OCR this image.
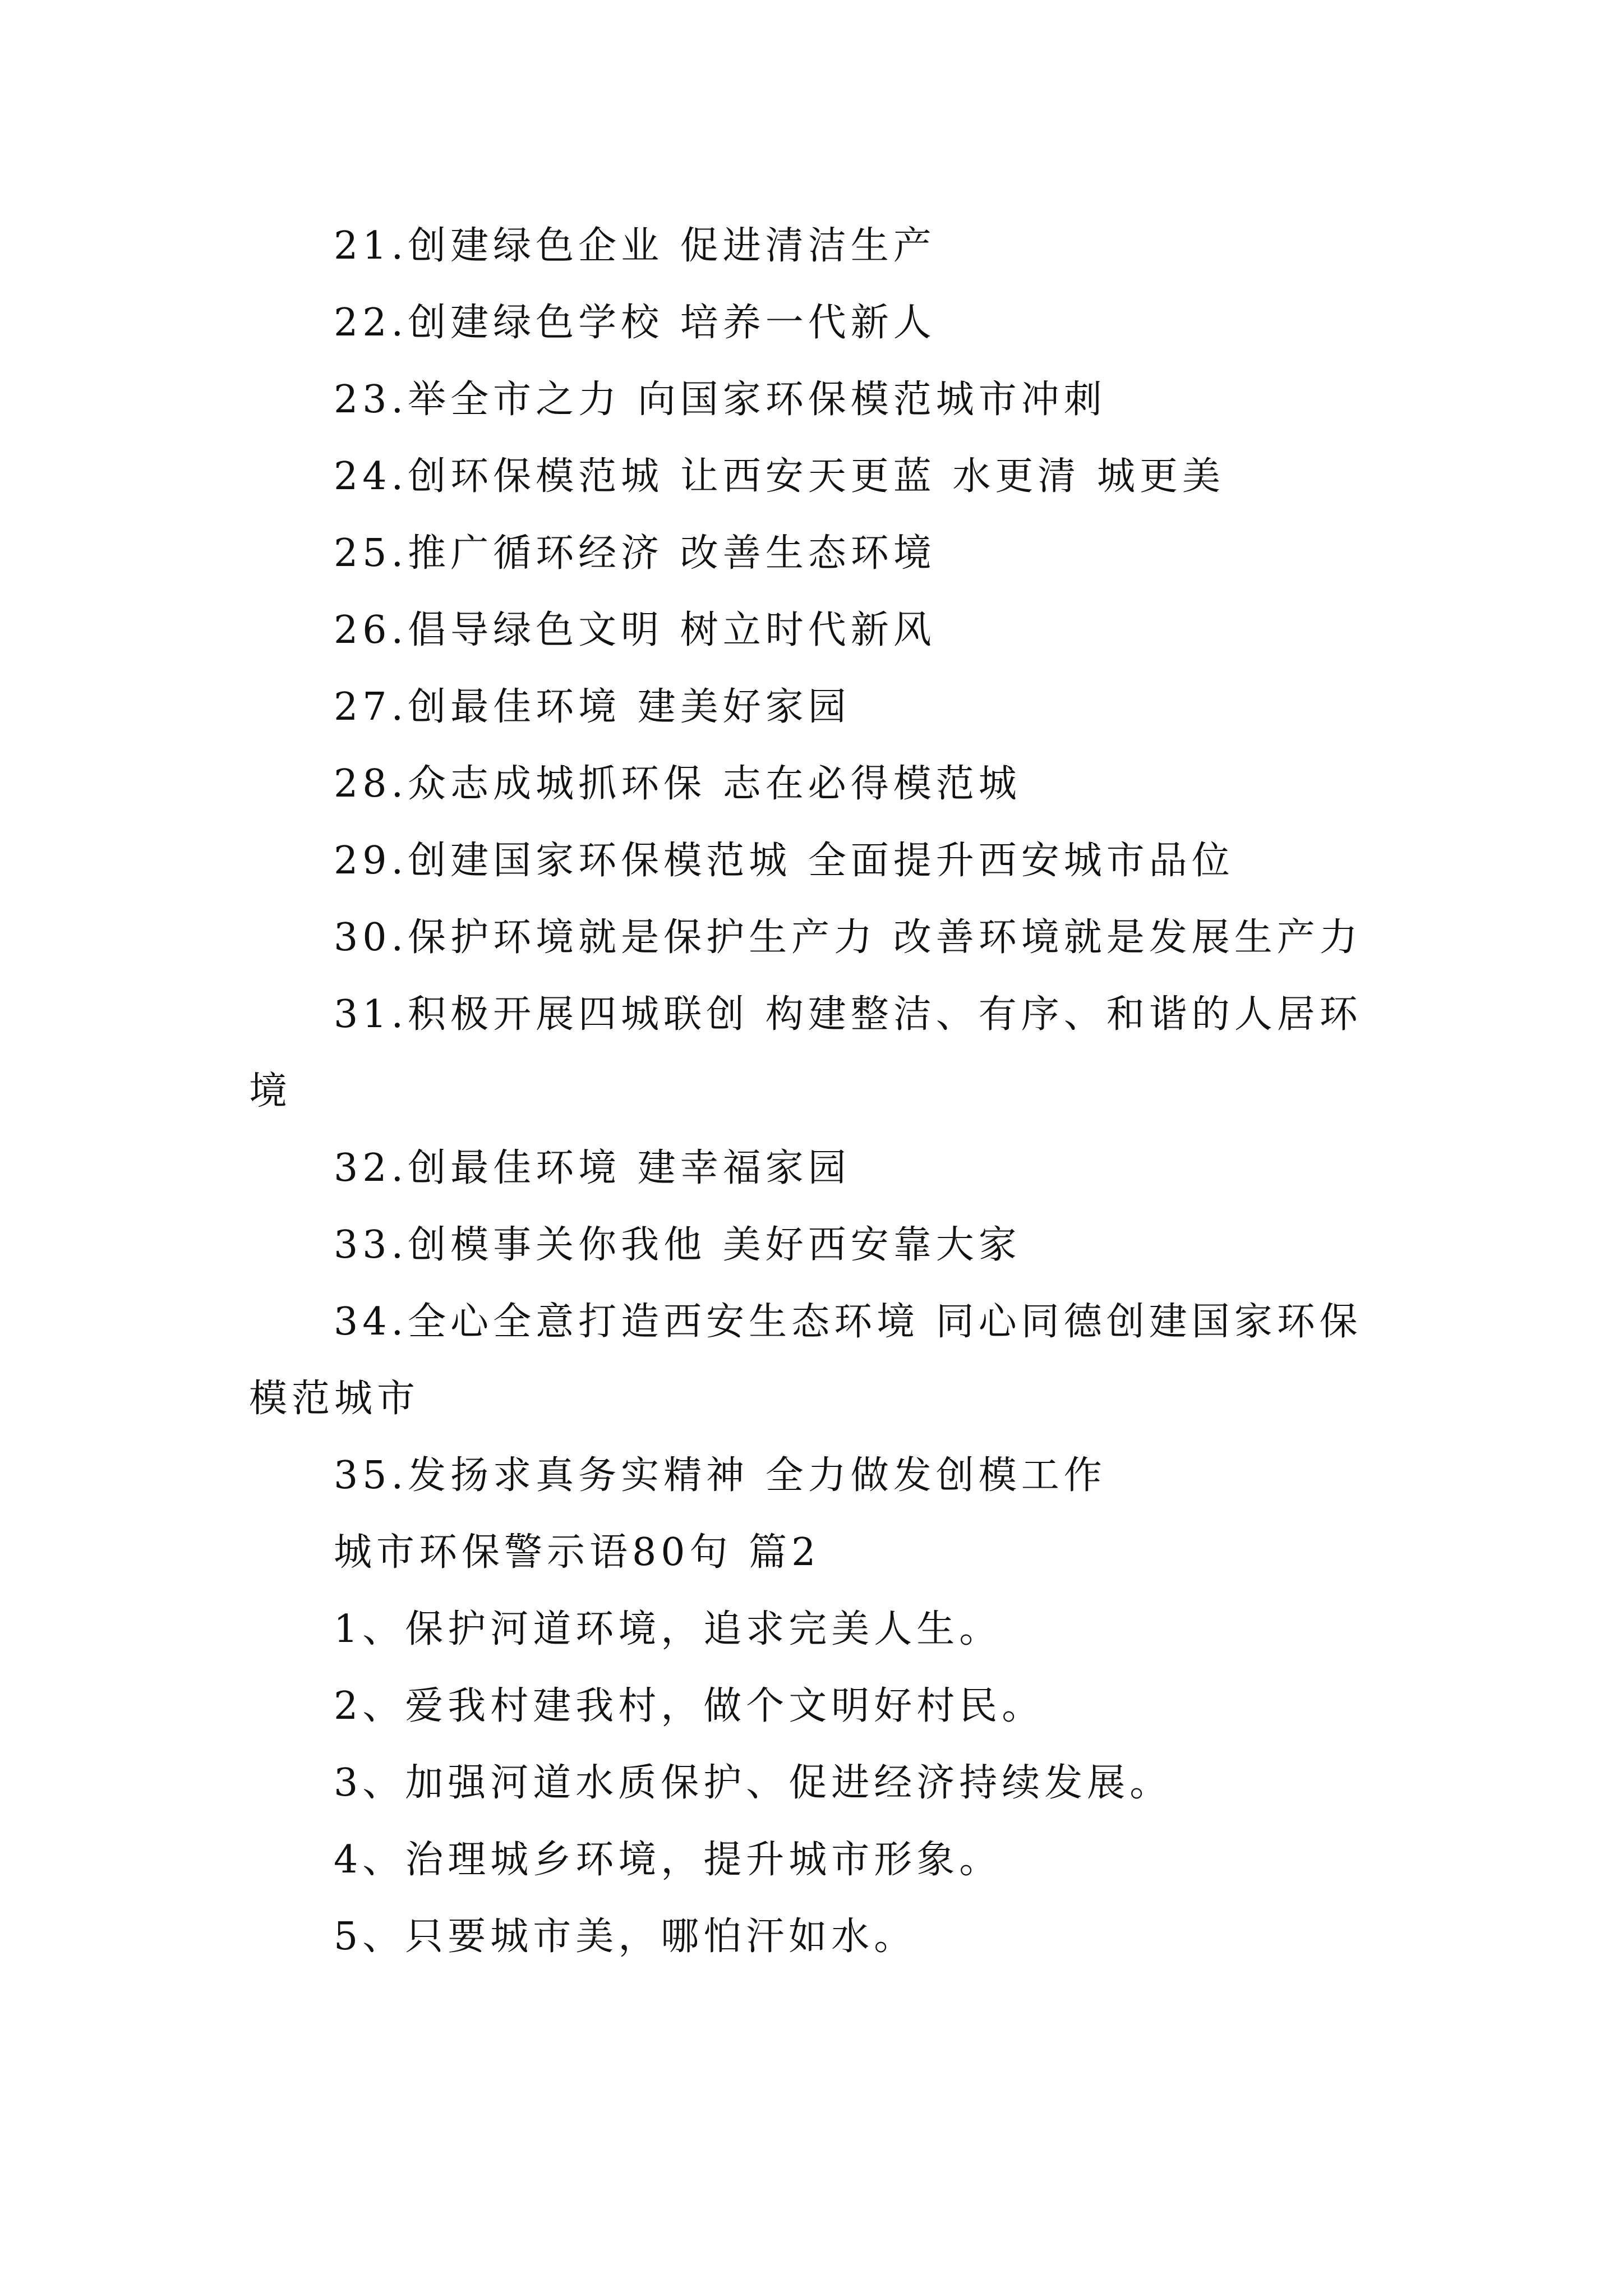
21.创建绿色企业 促进清洁生产
22.创建绿色学校 培养一代新人
23.举全市之力 向国家环保模范城市冲刺
24.创环保模范城 让西安天更蓝 水更清 城更美
25.推广循环经济 改善生态环境
26.倡导绿色文明 树立时代新风
27.创最佳环境 建美好家园
28.众志成城抓环保 志在必得模范城
29.创建国家环保模范城 全面提升西安城市品位
30.保护环境就是保护生产力 改善环境就是发展生产力
31.积极开展四城联创 构建整洁、有序、和谐的人居环境
32.创最佳环境 建幸福家园
33.创模事关你我他 美好西安靠大家
34.全心全意打造西安生态环境 同心同德创建国家环保模范城市
35.发扬求真务实精神 全力做发创模工作
城市环保警示语80句 篇2
1、保护河道环境，追求完美人生。
2、爱我村建我村，做个文明好村民。
3、加强河道水质保护、促进经济持续发展。
4、治理城乡环境，提升城市形象。
5、只要城市美，哪怕汗如水。
